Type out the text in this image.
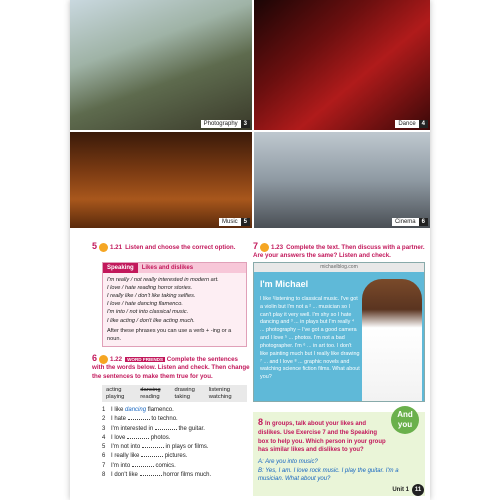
Photography	3	Dance	4
Music	5	Cinema	6
5 1.21 Listen and choose the correct option.
Speaking	Likes and dislikes
I'm really / not really interested in modern art.
I love / hate reading horror stories.
I really like / don't like taking selfies.
I love / hate dancing flamenco.
I'm into / not into classical music.
I like acting / don't like acting much.
After these phrases you can use a verb + -ing or a noun.
6 1.22 WORD FRIENDS Complete the sentences with the words below. Listen and check. Then change the sentences to make them true for you.
acting	dancing	drawing	listening
playing	reading	taking	watching
1 I like
dancing
flamenco.
2 I hate

	to techno.
3 I'm interested in

	the guitar.
4 I love

	photos.
5 I'm not into

	in plays or films.
6 I really like

	pictures.
7 I'm into

	comics.
8 I don't like

	horror films much.
7 1.23 Complete the text. Then discuss with a partner. Are your answers the same? Listen and check.
michaelblog.com
I'm Michael
I like ¹listening to classical music. I've got a violin but I'm not a ² ... musician so I can't play it very well. I'm shy so I hate dancing and ³ ... in plays but I'm really ⁴ ... photography – I've got a good camera and I love ⁵ ... photos. I'm not a bad photographer. I'm ⁶ ... in art too. I don't like painting much but I really like drawing ⁷ ... and I love ⁸ ... graphic novels and watching science fiction films. What about you?
And you
8 In groups, talk about your likes and dislikes. Use Exercise 7 and the Speaking box to help you. Which person in your group has similar likes and dislikes to you?
A: Are you into music?
B: Yes, I am. I love rock music. I play the guitar. I'm a musician. What about you?
Unit 1 11
